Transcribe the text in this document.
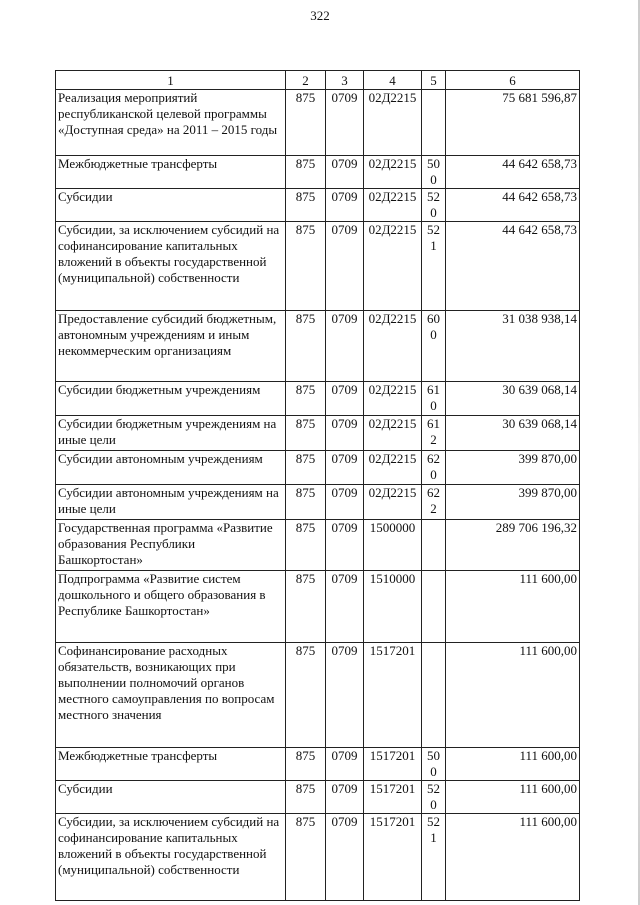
322
1	2	3	4	5	6
Реализация мероприятий республиканской целевой программы «Доступная среда» на 2011 – 2015 годы	875	0709	02Д2215		75 681 596,87
Межбюджетные трансферты	875	0709	02Д2215	500	44 642 658,73
Субсидии	875	0709	02Д2215	520	44 642 658,73
Субсидии, за исключением субсидий на софинансирование капитальных вложений в объекты государственной (муниципальной) собственности	875	0709	02Д2215	521	44 642 658,73
Предоставление субсидий бюджетным, автономным учреждениям и иным некоммерческим организациям	875	0709	02Д2215	600	31 038 938,14
Субсидии бюджетным учреждениям	875	0709	02Д2215	610	30 639 068,14
Субсидии бюджетным учреждениям на иные цели	875	0709	02Д2215	612	30 639 068,14
Субсидии автономным учреждениям	875	0709	02Д2215	620	399 870,00
Субсидии автономным учреждениям на иные цели	875	0709	02Д2215	622	399 870,00
Государственная программа «Развитие образования Республики Башкортостан»	875	0709	1500000		289 706 196,32
Подпрограмма «Развитие систем дошкольного и общего образования в Республике Башкортостан»	875	0709	1510000		111 600,00
Софинансирование расходных обязательств, возникающих при выполнении полномочий органов местного самоуправления по вопросам местного значения	875	0709	1517201		111 600,00
Межбюджетные трансферты	875	0709	1517201	500	111 600,00
Субсидии	875	0709	1517201	520	111 600,00
Субсидии, за исключением субсидий на софинансирование капитальных вложений в объекты государственной (муниципальной) собственности	875	0709	1517201	521	111 600,00
